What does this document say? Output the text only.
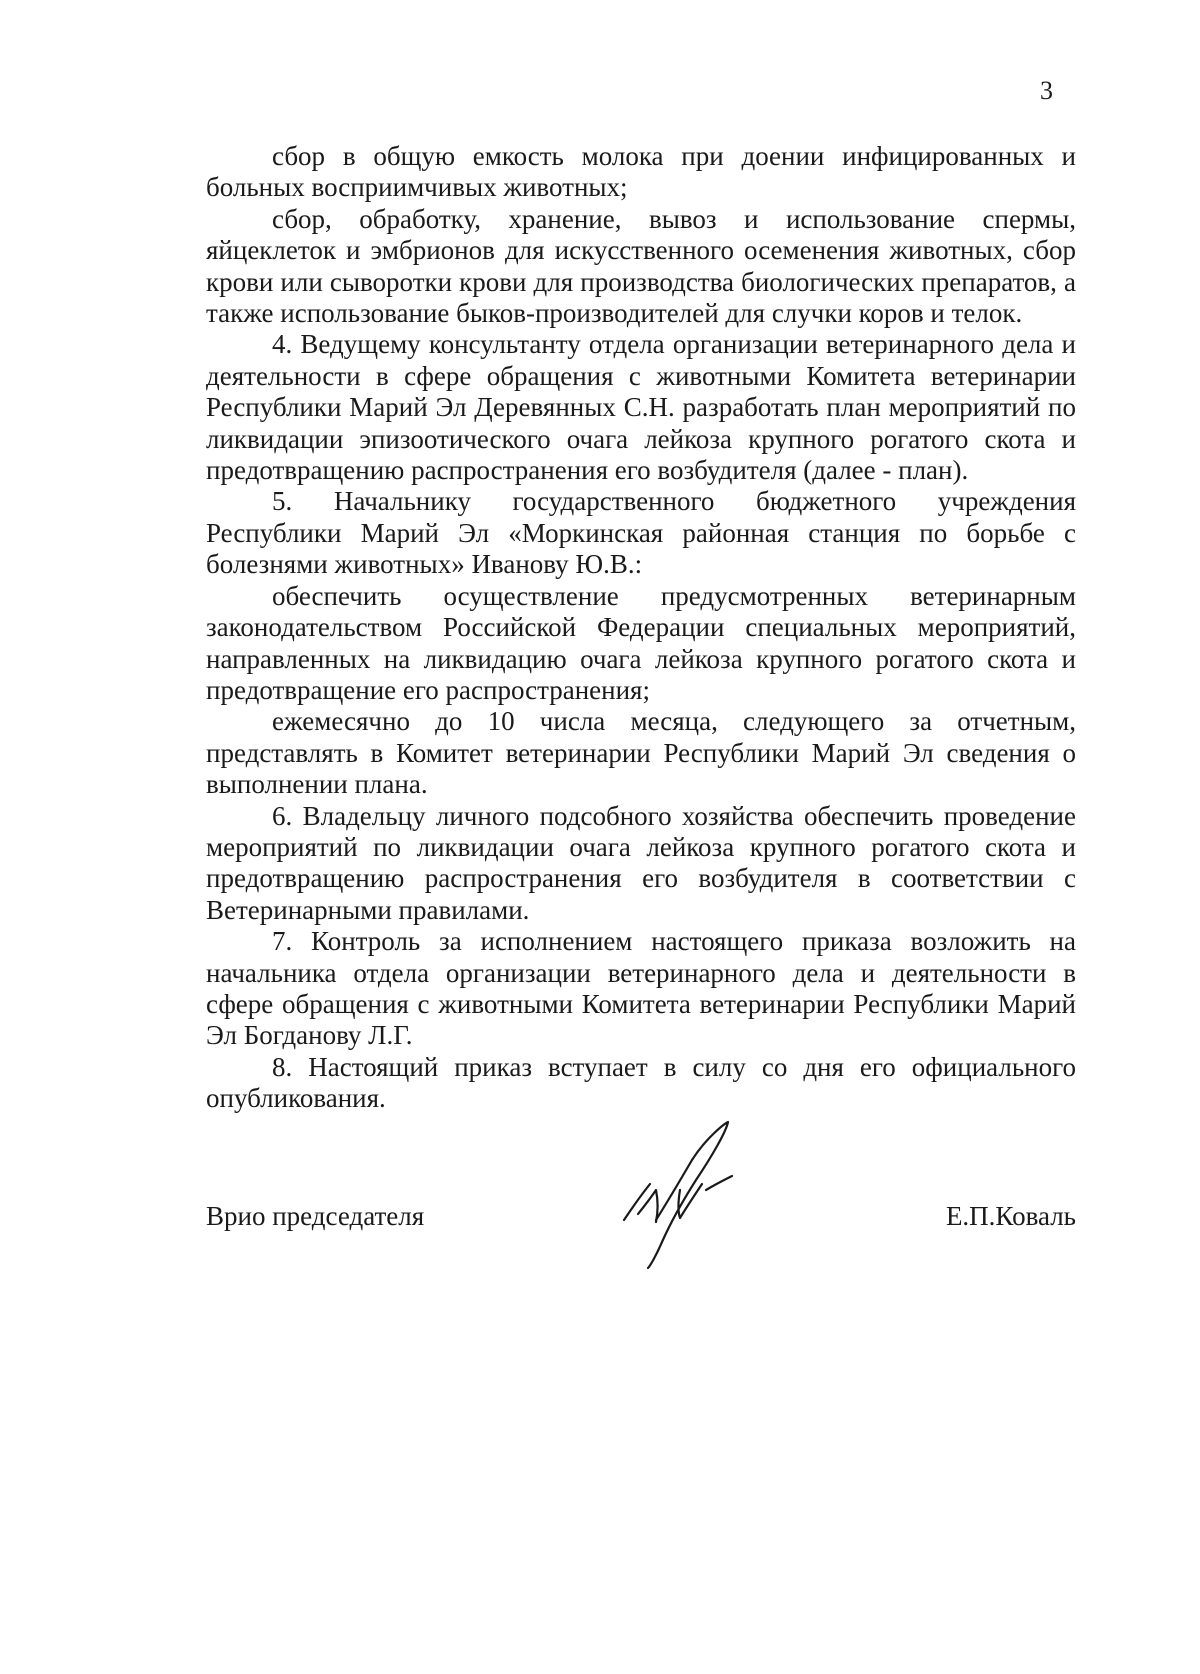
3

сбор в общую емкость молока при доении инфицированных и больных восприимчивых животных;

сбор, обработку, хранение, вывоз и использование спермы, яйцеклеток и эмбрионов для искусственного осеменения животных, сбор крови или сыворотки крови для производства биологических препаратов, а также использование быков-производителей для случки коров и телок.

4. Ведущему консультанту отдела организации ветеринарного дела и деятельности в сфере обращения с животными Комитета ветеринарии Республики Марий Эл Деревянных С.Н. разработать план мероприятий по ликвидации эпизоотического очага лейкоза крупного рогатого скота и предотвращению распространения его возбудителя (далее - план).

5. Начальнику государственного бюджетного учреждения Республики Марий Эл «Моркинская районная станция по борьбе с болезнями животных» Иванову Ю.В.:

обеспечить осуществление предусмотренных ветеринарным законодательством Российской Федерации специальных мероприятий, направленных на ликвидацию очага лейкоза крупного рогатого скота и предотвращение его распространения;

ежемесячно до 10 числа месяца, следующего за отчетным, представлять в Комитет ветеринарии Республики Марий Эл сведения о выполнении плана.

6. Владельцу личного подсобного хозяйства обеспечить проведение мероприятий по ликвидации очага лейкоза крупного рогатого скота и предотвращению распространения его возбудителя в соответствии с Ветеринарными правилами.

7. Контроль за исполнением настоящего приказа возложить на начальника отдела организации ветеринарного дела и деятельности в сфере обращения с животными Комитета ветеринарии Республики Марий Эл Богданову Л.Г.

8. Настоящий приказ вступает в силу со дня его официального опубликования.

Врио председателя	Е.П.Коваль
